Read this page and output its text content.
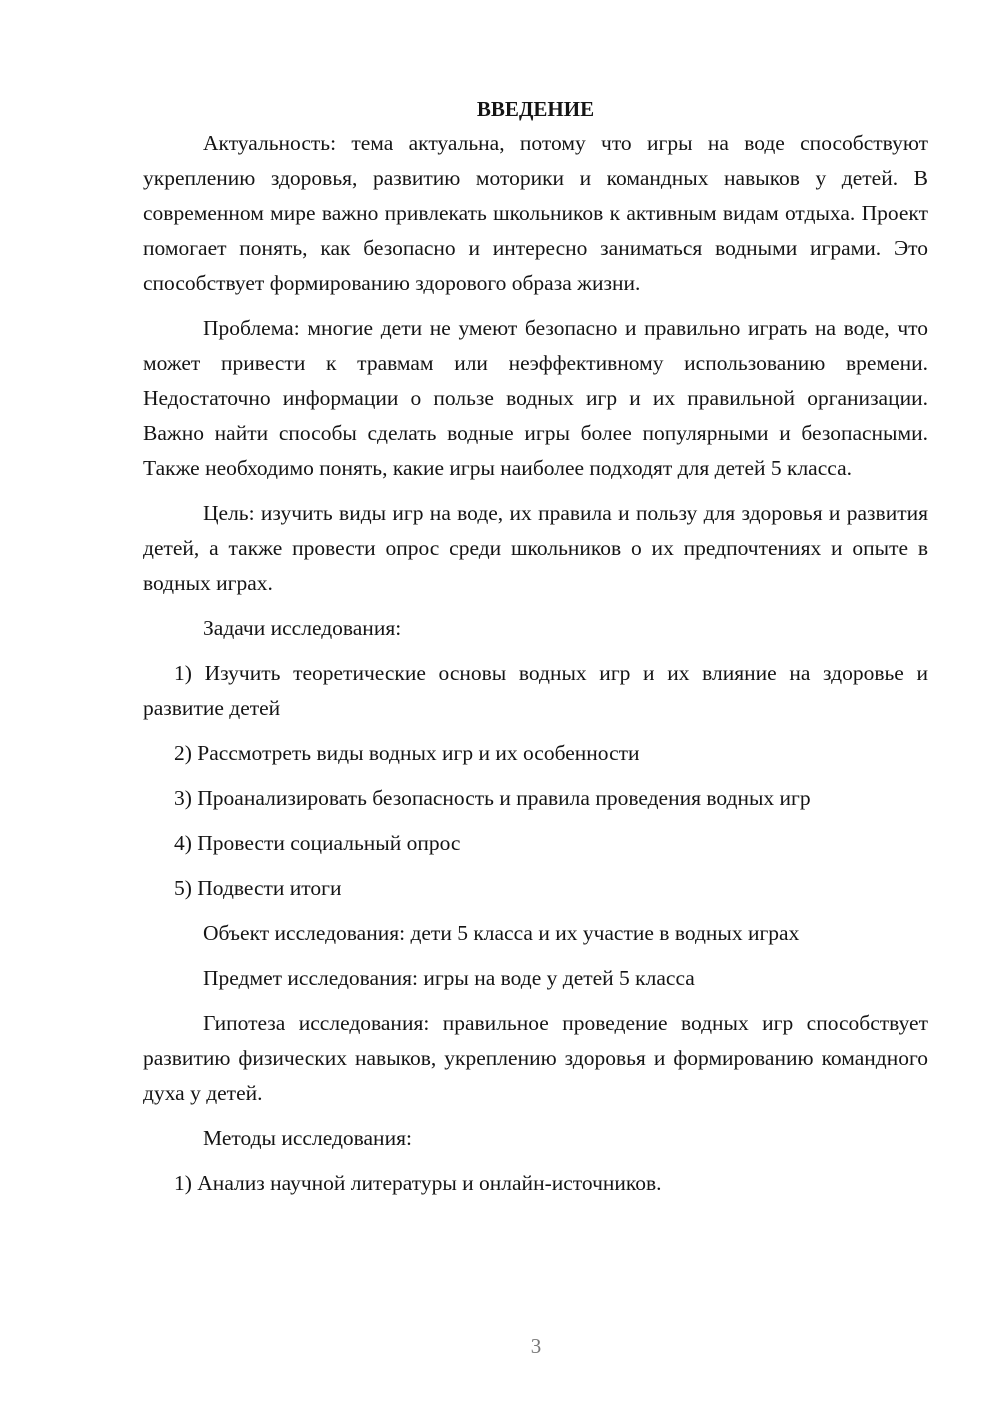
ВВЕДЕНИЕ

Актуальность: тема актуальна, потому что игры на воде способствуют укреплению здоровья, развитию моторики и командных навыков у детей. В современном мире важно привлекать школьников к активным видам отдыха. Проект помогает понять, как безопасно и интересно заниматься водными играми. Это способствует формированию здорового образа жизни.

Проблема: многие дети не умеют безопасно и правильно играть на воде, что может привести к травмам или неэффективному использованию времени. Недостаточно информации о пользе водных игр и их правильной организации. Важно найти способы сделать водные игры более популярными и безопасными. Также необходимо понять, какие игры наиболее подходят для детей 5 класса.

Цель: изучить виды игр на воде, их правила и пользу для здоровья и развития детей, а также провести опрос среди школьников о их предпочтениях и опыте в водных играх.

Задачи исследования:

1) Изучить теоретические основы водных игр и их влияние на здоровье и развитие детей

2) Рассмотреть виды водных игр и их особенности

3) Проанализировать безопасность и правила проведения водных игр

4) Провести социальный опрос

5) Подвести итоги

Объект исследования: дети 5 класса и их участие в водных играх

Предмет исследования: игры на воде у детей 5 класса

Гипотеза исследования: правильное проведение водных игр способствует развитию физических навыков, укреплению здоровья и формированию командного духа у детей.

Методы исследования:

1) Анализ научной литературы и онлайн-источников.

3
